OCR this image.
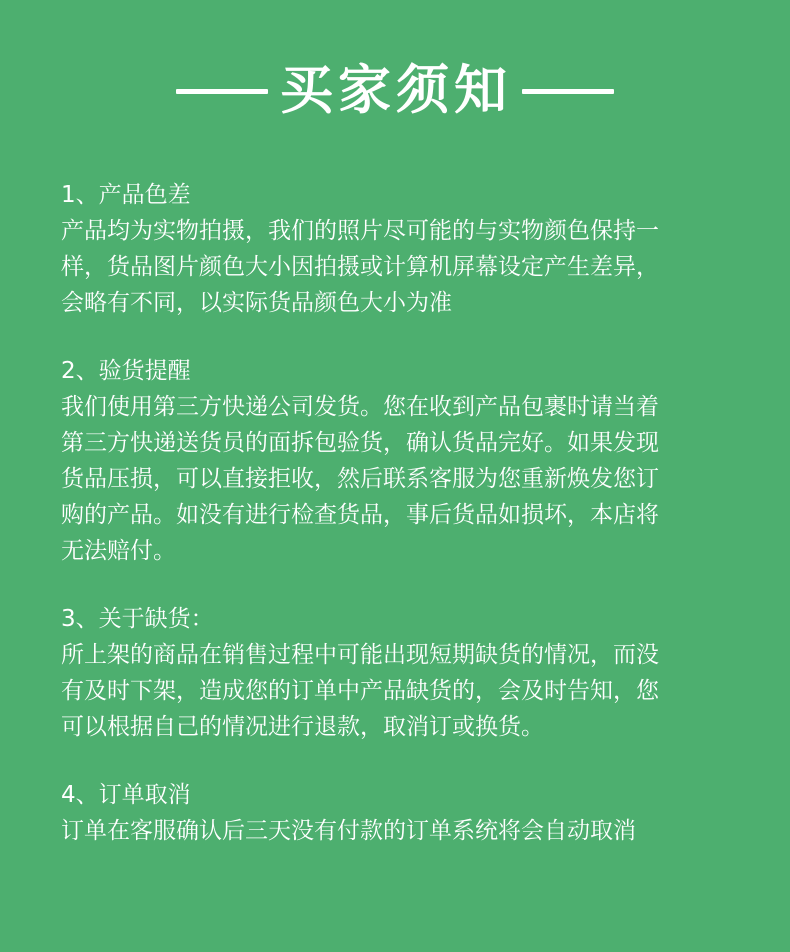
买家须知
1、产品色差
产品均为实物拍摄，我们的照片尽可能的与实物颜色保持一
样，货品图片颜色大小因拍摄或计算机屏幕设定产生差异，
会略有不同，以实际货品颜色大小为准
2、验货提醒
我们使用第三方快递公司发货。您在收到产品包裹时请当着
第三方快递送货员的面拆包验货，确认货品完好。如果发现
货品压损，可以直接拒收，然后联系客服为您重新焕发您订
购的产品。如没有进行检查货品，事后货品如损坏，本店将
无法赔付。
3、关于缺货：
所上架的商品在销售过程中可能出现短期缺货的情况，而没
有及时下架，造成您的订单中产品缺货的，会及时告知，您
可以根据自己的情况进行退款，取消订或换货。
4、订单取消
订单在客服确认后三天没有付款的订单系统将会自动取消
